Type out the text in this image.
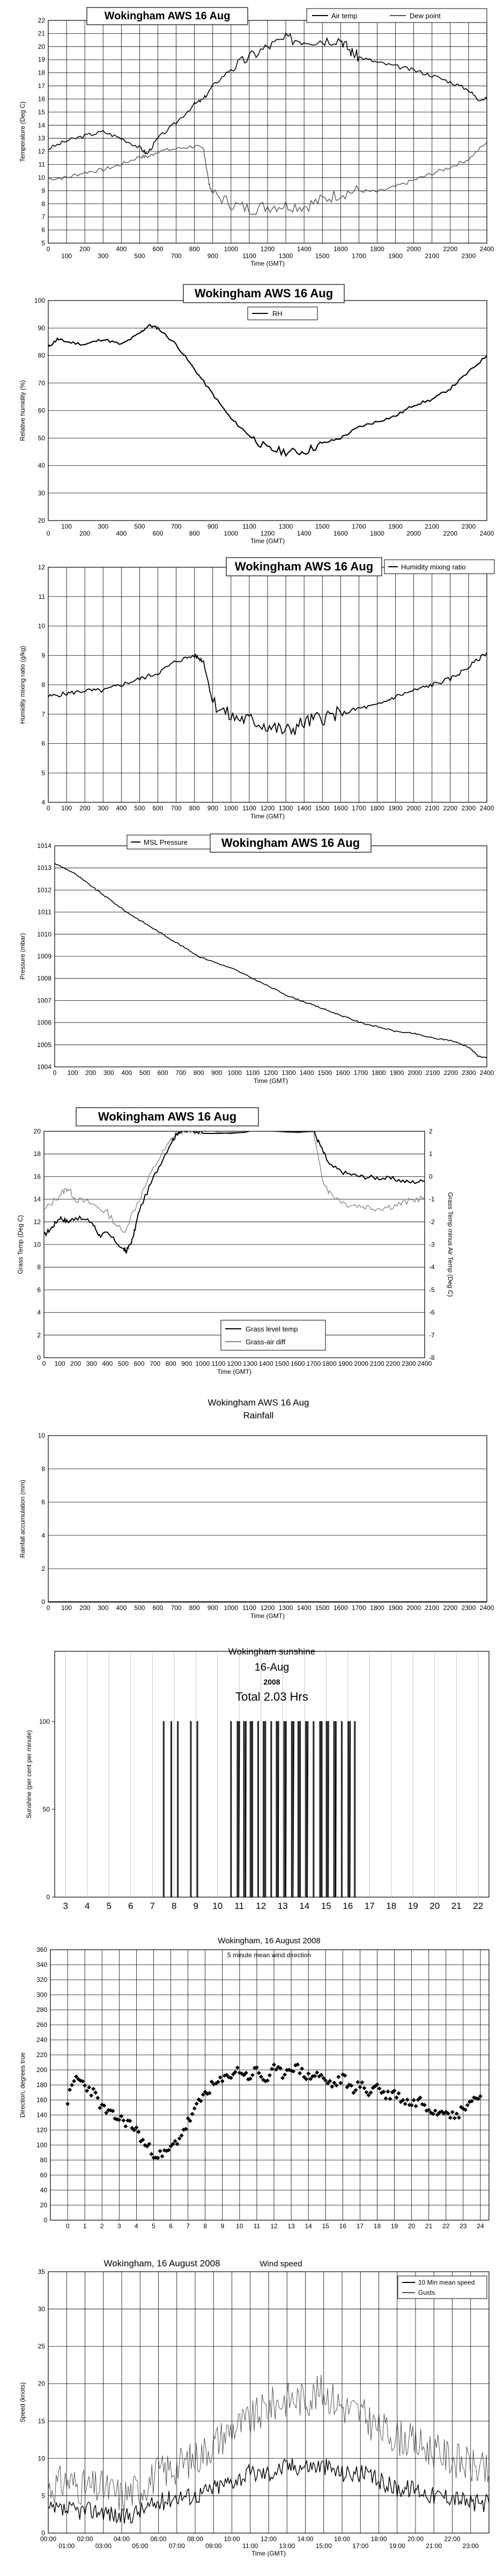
5
6
7
8
9
10
11
12
13
14
15
16
17
18
19
20
21
22
0	200	400	600	800	1000	1200	1400	1600	1800	2000	2200	2400
100	300	500	700	900	1100	1300	1500	1700	1900	2100	2300
Time (GMT)
Temperature (Deg C)
Wokingham AWS 16 Aug	Air temp	Dew point
20
30
40
50
60
70
80
90
100
100	300	500	700	900	1100	1300	1500	1700	1900	2100	2300
0	200	400	600	800	1000	1200	1400	1600	1800	2000	2200	2400
Time (GMT)
Relative humidity (%)
Wokingham AWS 16 Aug
RH
4
5
6
7
8
9
10
11
12
0 100 200 300 400 500 600 700 800 900 1000 1100 1200 1300 1400 1500 1600 1700 1800 1900 2000 2100 2200 2300 2400
Time (GMT)
Humidity mixing ratio (g/kg)
Wokingham AWS 16 Aug	Humidity mixing ratio
1004
1005
1006
1007
1008
1009
1010
1011
1012
1013
1014
0 100 200 300 400 500 600 700 800 900 1000 1100 1200 1300 1400 1500 1600 1700 1800 1900 2000 2100 2200 2300 2400
Time (GMT)
Pressure (mbar)
Wokingham AWS 16 Aug
MSL Pressure
0
2
4
6
8
10
12
14
16
18
20
0 100 200 300 400 500 600 700 800 900 1000 1100 1200 1300 1400 1500 1600 1700 1800 1900 2000 2100 2200 2300 2400
Time (GMT)
Grass Temp (Deg C)
-8
-7
-6
-5
-4
-3
-2
-1
0
1
2
Grass Temp minus Air Temp (Deg C)
Wokingham AWS 16 Aug
Grass level temp
Grass-air diff
0
2
4
6
8
10
0 100 200 300 400 500 600 700 800 900 1000 1100 1200 1300 1400 1500 1600 1700 1800 1900 2000 2100 2200 2300 2400
Time (GMT)
Rainfall accumulation (mm)
Wokingham AWS 16 Aug
Rainfall
3 4 5 6 7 8 9 10 11 12 13 14 15 16 17 18 19 20 21 22
0
50
100
Sunshine (per cent per minute)
Wokingham sunshine
16-Aug
2008
Total 2.03 Hrs
0
20
40
60
80
100
120
140
160
180
200
220
240
260
280
300
320
340
360
0 1 2 3 4 5 6 7 8 9 10 11 12 13 14 15 16 17 18 19 20 21 22 23 24
Direction, degrees true
Wokingham, 16 August 2008
5 minute mean wind direction
0
5
10
15
20
25
30
35
00:00	02:00	04:00	06:00	08:00	10:00	12:00	14:00	16:00	18:00	20:00	22:00
01:00	03:00	05:00	07:00	09:00	11:00	13:00	15:00	17:00	19:00	21:00	23:00
Time (GMT)
Speed (knots)
Wokingham, 16 August 2008	Wind speed
10 Min mean speed
Gusts
